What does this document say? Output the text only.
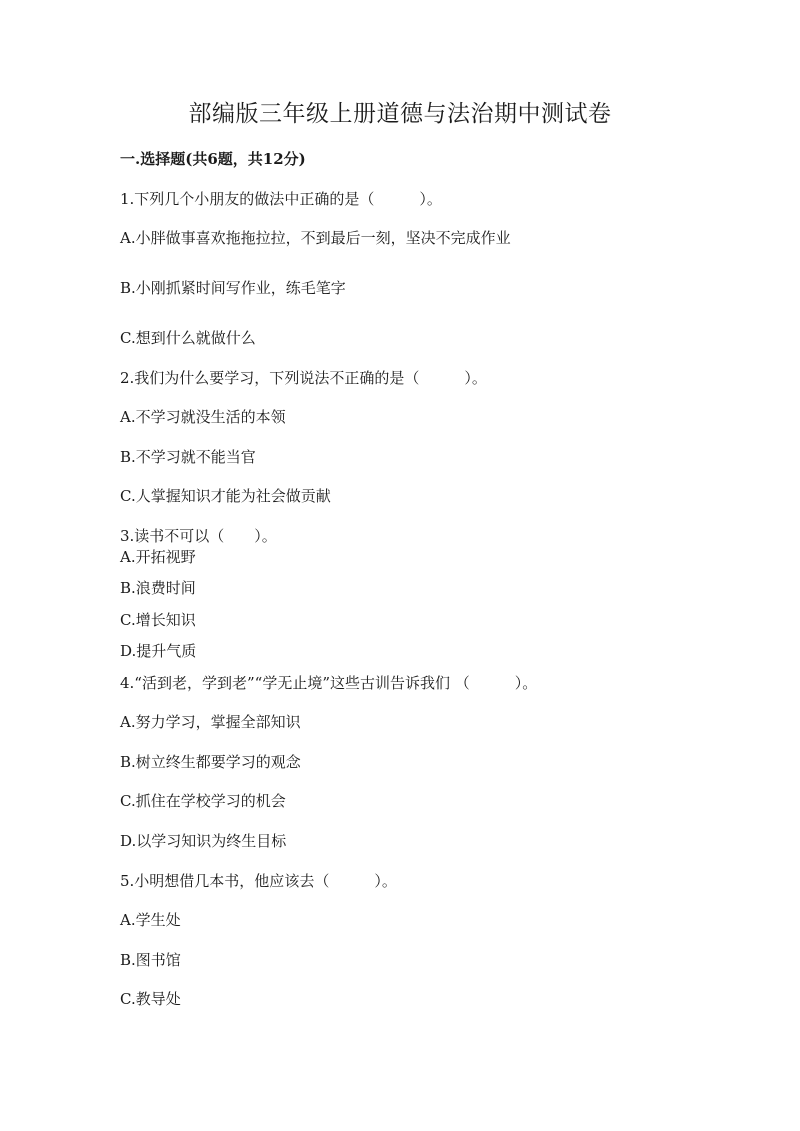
部编版三年级上册道德与法治期中测试卷
一.选择题(共6题，共12分)
1.下列几个小朋友的做法中正确的是（　　　）。
A.小胖做事喜欢拖拖拉拉，不到最后一刻，坚决不完成作业
B.小刚抓紧时间写作业，练毛笔字
C.想到什么就做什么
2.我们为什么要学习，下列说法不正确的是（　　　）。
A.不学习就没生活的本领
B.不学习就不能当官
C.人掌握知识才能为社会做贡献
3.读书不可以（　　）。
A.开拓视野
B.浪费时间
C.增长知识
D.提升气质
4.“活到老，学到老”“学无止境”这些古训告诉我们 （　　　）。
A.努力学习，掌握全部知识
B.树立终生都要学习的观念
C.抓住在学校学习的机会
D.以学习知识为终生目标
5.小明想借几本书，他应该去（　　　）。
A.学生处
B.图书馆
C.教导处
